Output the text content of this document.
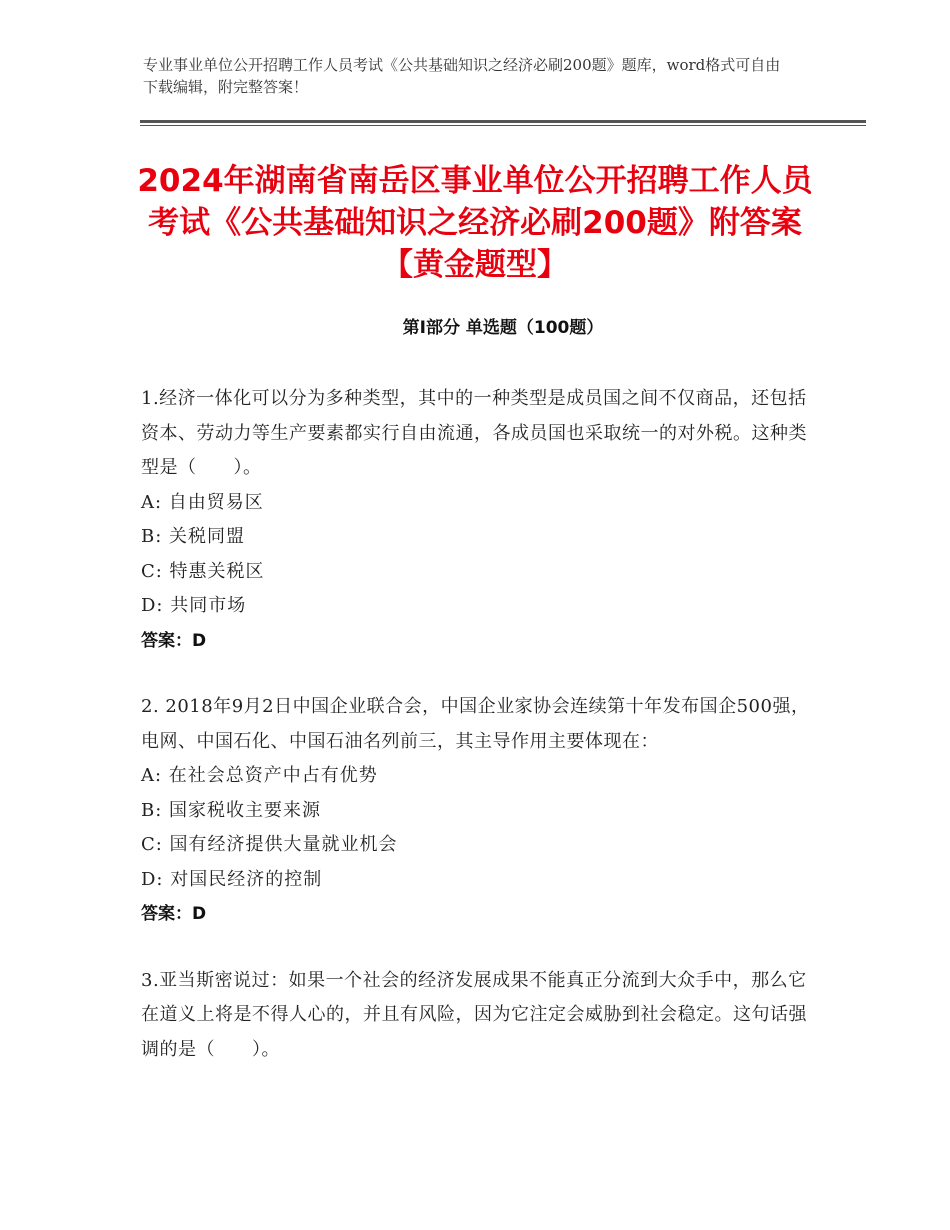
专业事业单位公开招聘工作人员考试《公共基础知识之经济必刷200题》题库，word格式可自由下载编辑，附完整答案！
2024年湖南省南岳区事业单位公开招聘工作人员考试《公共基础知识之经济必刷200题》附答案【黄金题型】
第Ⅰ部分 单选题（100题）

1.经济一体化可以分为多种类型，其中的一种类型是成员国之间不仅商品，还包括资本、劳动力等生产要素都实行自由流通，各成员国也采取统一的对外税。这种类型是（　　）。

A: 自由贸易区

B: 关税同盟

C: 特惠关税区

D: 共同市场

答案：D

2. 2018年9月2日中国企业联合会，中国企业家协会连续第十年发布国企500强，电网、中国石化、中国石油名列前三，其主导作用主要体现在：

A: 在社会总资产中占有优势

B: 国家税收主要来源

C: 国有经济提供大量就业机会

D: 对国民经济的控制

答案：D

3.亚当斯密说过：如果一个社会的经济发展成果不能真正分流到大众手中，那么它在道义上将是不得人心的，并且有风险，因为它注定会威胁到社会稳定。这句话强调的是（　　）。
